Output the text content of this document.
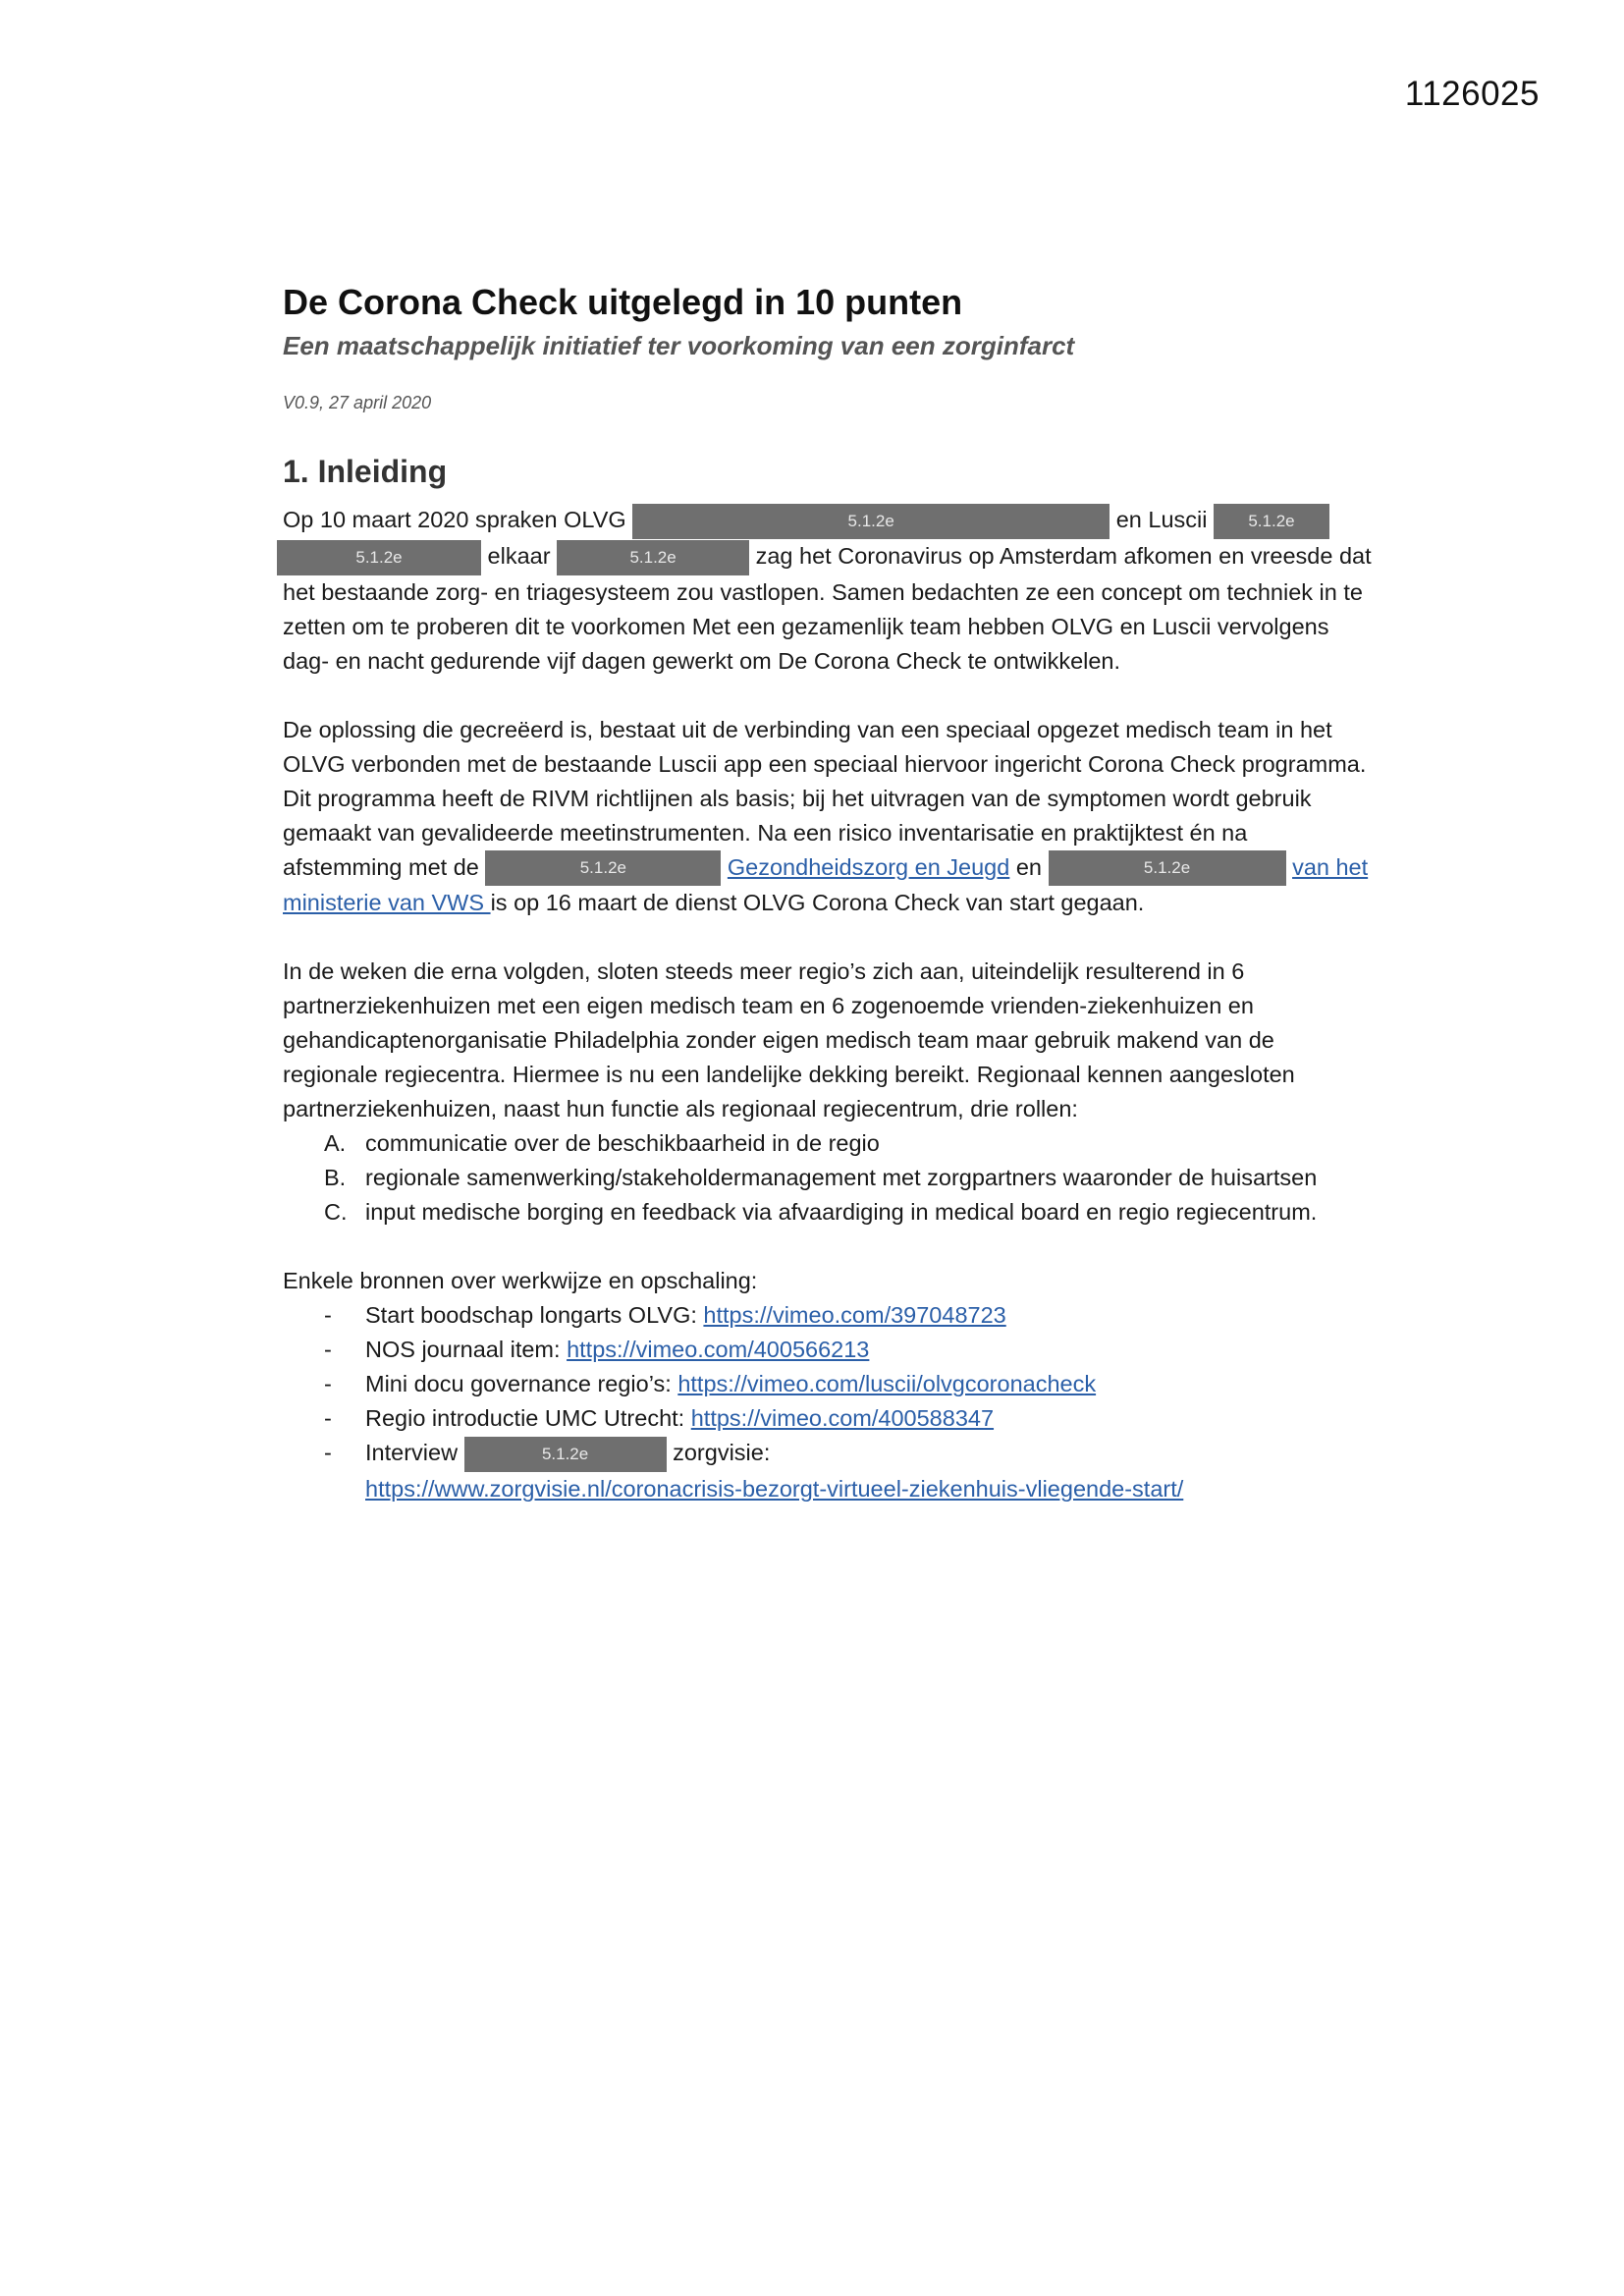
1126025
De Corona Check uitgelegd in 10 punten

Een maatschappelijk initiatief ter voorkoming van een zorginfarct

V0.9, 27 april 2020

1. Inleiding

Op 10 maart 2020 spraken OLVG	5.1.2e	en Luscii 5.1.2e
5.1.2e	elkaar	5.1.2e	zag het Coronavirus op Amsterdam afkomen en vreesde dat het bestaande zorg- en triagesysteem zou vastlopen. Samen bedachten ze een concept om techniek in te zetten om te proberen dit te voorkomen Met een gezamenlijk team hebben OLVG en Luscii vervolgens dag- en nacht gedurende vijf dagen gewerkt om De Corona Check te ontwikkelen.

De oplossing die gecreëerd is, bestaat uit de verbinding van een speciaal opgezet medisch team in het OLVG verbonden met de bestaande Luscii app een speciaal hiervoor ingericht Corona Check programma. Dit programma heeft de RIVM richtlijnen als basis; bij het uitvragen van de symptomen wordt gebruik gemaakt van gevalideerde meetinstrumenten. Na een risico inventarisatie en praktijktest én na afstemming met de	5.1.2e	Gezondheidszorg en Jeugd en	5.1.2e	van het ministerie van VWS is op 16 maart de dienst OLVG Corona Check van start gegaan.

In de weken die erna volgden, sloten steeds meer regio’s zich aan, uiteindelijk resulterend in 6 partnerziekenhuizen met een eigen medisch team en 6 zogenoemde vrienden-ziekenhuizen en gehandicaptenorganisatie Philadelphia zonder eigen medisch team maar gebruik makend van de regionale regiecentra. Hiermee is nu een landelijke dekking bereikt. Regionaal kennen aangesloten partnerziekenhuizen, naast hun functie als regionaal regiecentrum, drie rollen:

A. communicatie over de beschikbaarheid in de regio
B. regionale samenwerking/stakeholdermanagement met zorgpartners waaronder de huisartsen
C. input medische borging en feedback via afvaardiging in medical board en regio regiecentrum.

Enkele bronnen over werkwijze en opschaling:

- Start boodschap longarts OLVG: https://vimeo.com/397048723
- NOS journaal item: https://vimeo.com/400566213
- Mini docu governance regio’s: https://vimeo.com/luscii/olvgcoronacheck
- Regio introductie UMC Utrecht: https://vimeo.com/400588347
- Interview	5.1.2e	zorgvisie:
https://www.zorgvisie.nl/coronacrisis-bezorgt-virtueel-ziekenhuis-vliegende-start/
